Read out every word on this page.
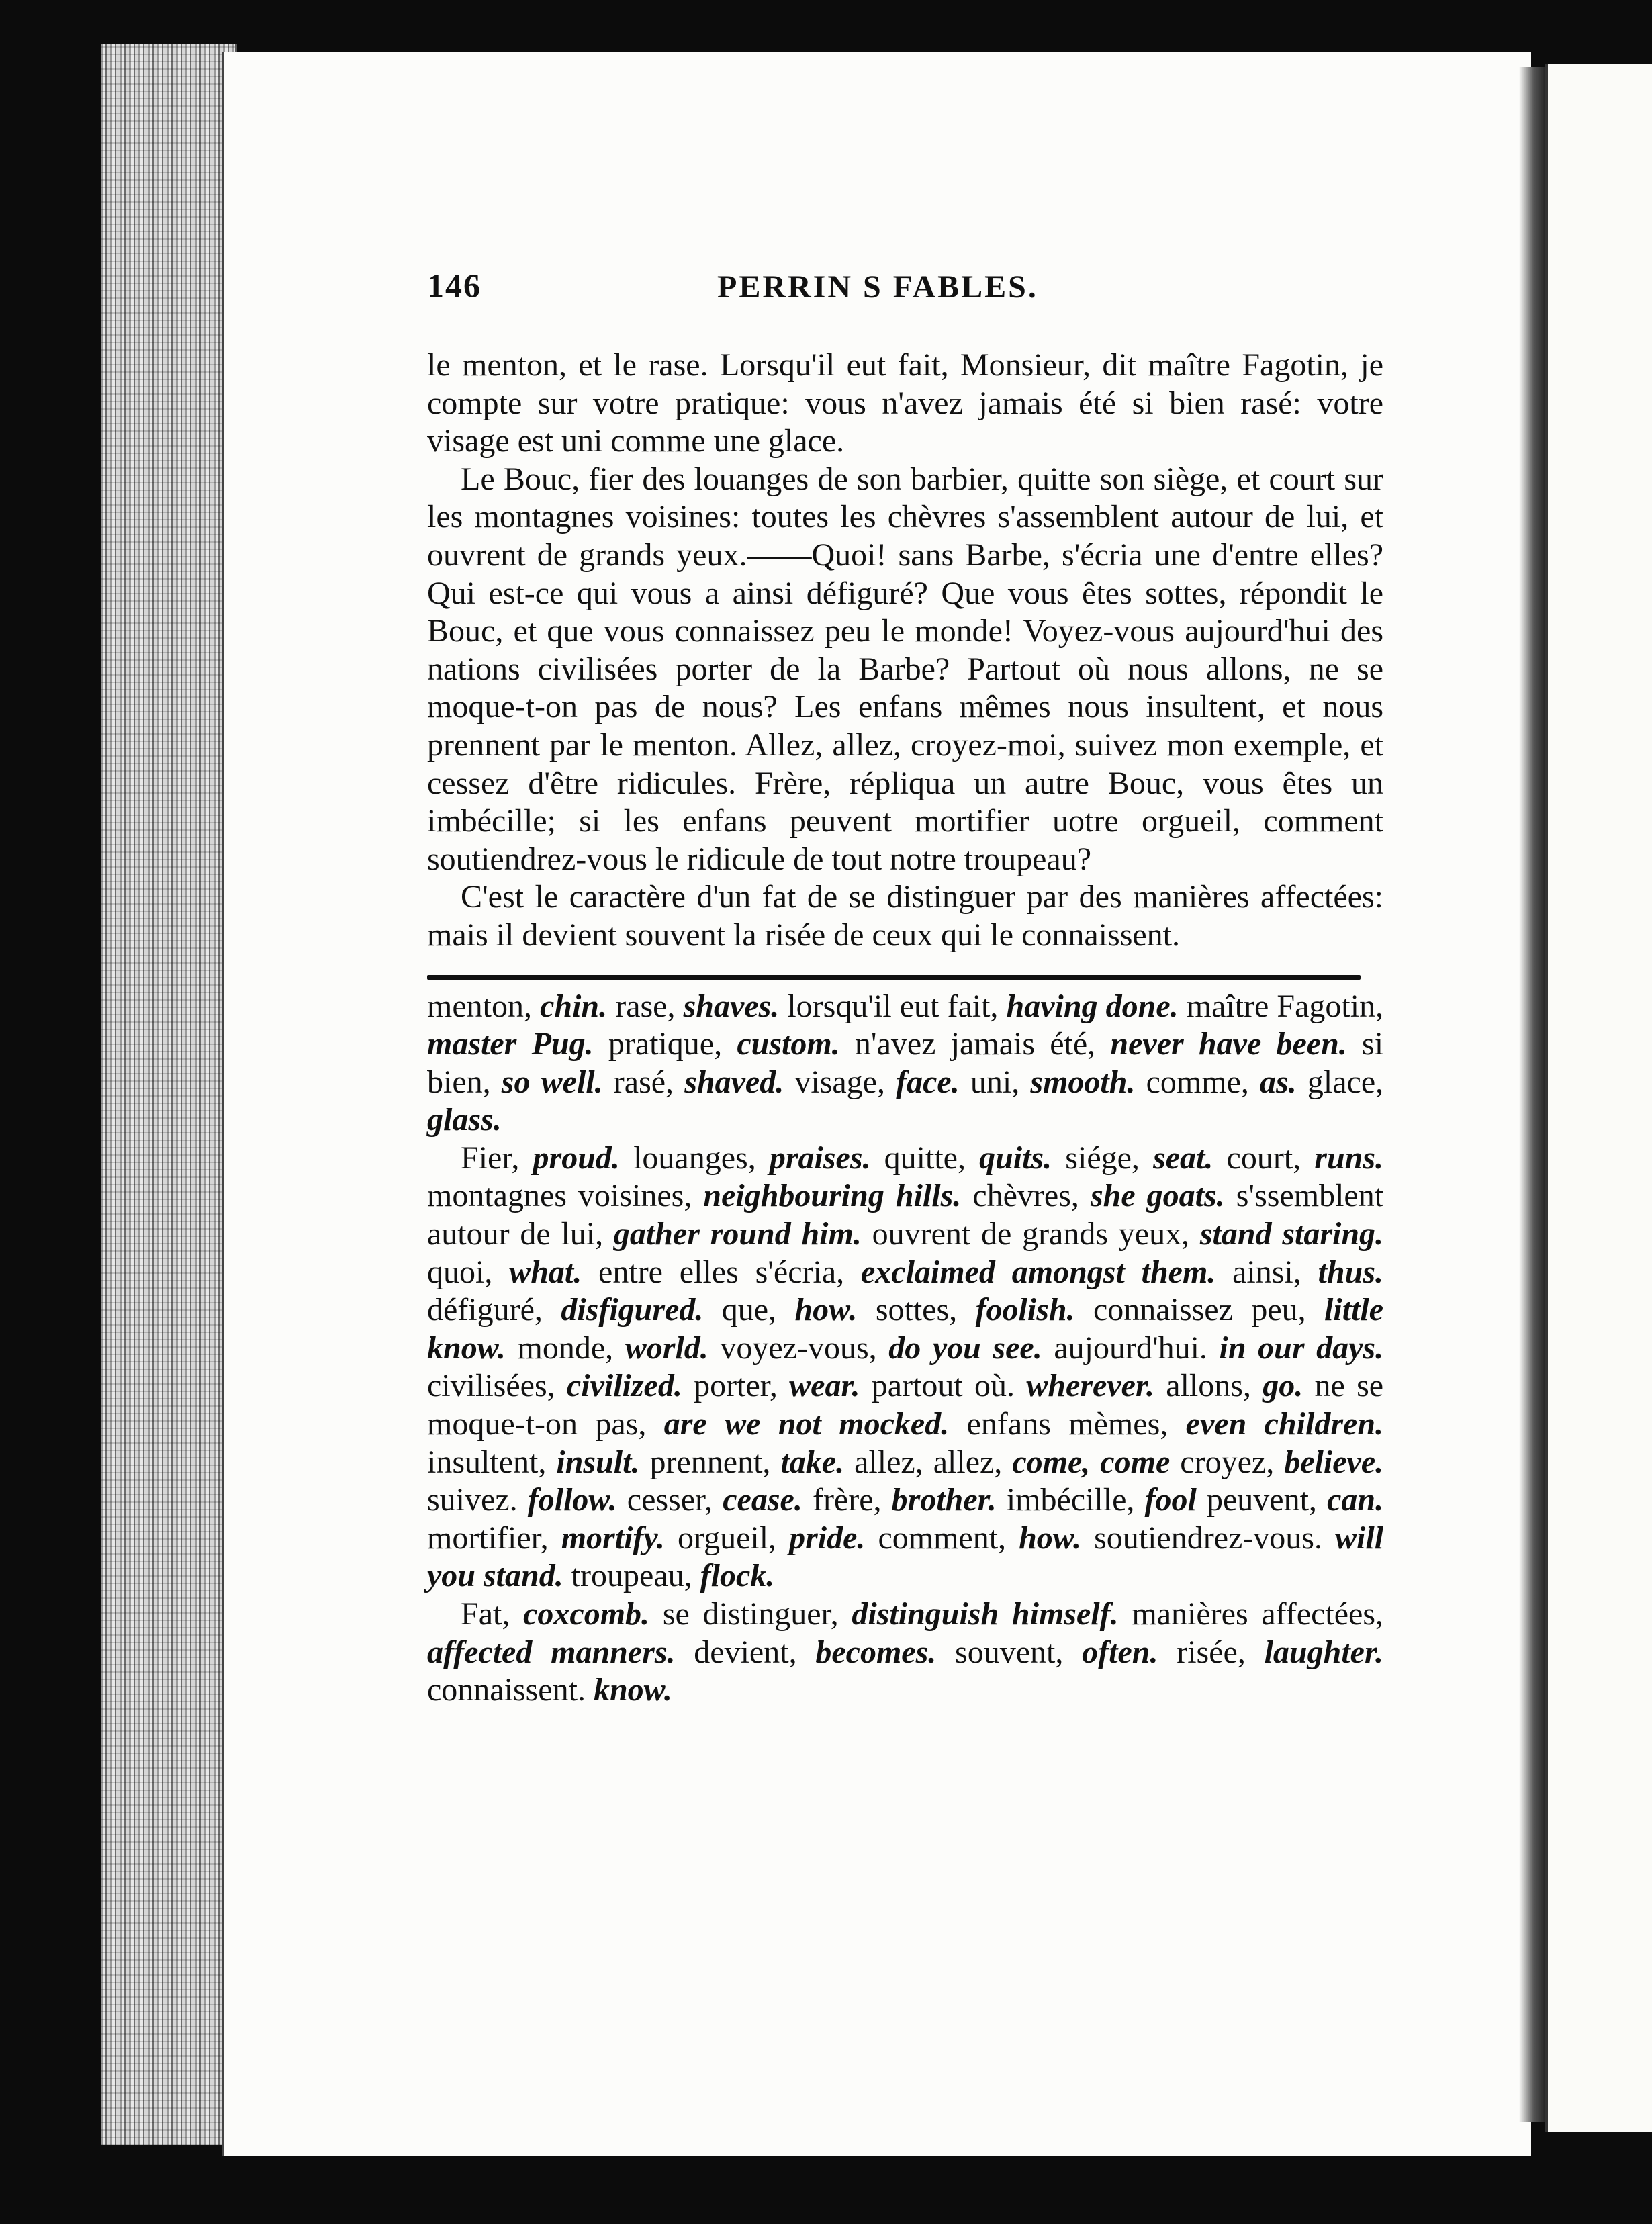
146	PERRIN S FABLES.

le menton, et le rase. Lorsqu'il eut fait, Monsieur, dit maître Fagotin, je compte sur votre pratique: vous n'avez jamais été si bien rasé: votre visage est uni comme une glace.

Le Bouc, fier des louanges de son barbier, quitte son siège, et court sur les montagnes voisines: toutes les chèvres s'assemblent autour de lui, et ouvrent de grands yeux.——Quoi! sans Barbe, s'écria une d'entre elles? Qui est-ce qui vous a ainsi défiguré? Que vous êtes sottes, répondit le Bouc, et que vous connaissez peu le monde! Voyez-vous aujourd'hui des nations civilisées porter de la Barbe? Partout où nous allons, ne se moque-t-on pas de nous? Les enfans mêmes nous insultent, et nous prennent par le menton. Allez, allez, croyez-moi, suivez mon exemple, et cessez d'être ridicules. Frère, répliqua un autre Bouc, vous êtes un imbécille; si les enfans peuvent mortifier uotre orgueil, comment soutiendrez-vous le ridicule de tout notre troupeau?

C'est le caractère d'un fat de se distinguer par des manières affectées: mais il devient souvent la risée de ceux qui le connaissent.

menton, chin. rase, shaves. lorsqu'il eut fait, having done. maître Fagotin, master Pug. pratique, custom. n'avez jamais été, never have been. si bien, so well. rasé, shaved. visage, face. uni, smooth. comme, as. glace, glass.

Fier, proud. louanges, praises. quitte, quits. siége, seat. court, runs. montagnes voisines, neighbouring hills. chèvres, she goats. s'ssemblent autour de lui, gather round him. ouvrent de grands yeux, stand staring. quoi, what. entre elles s'écria, exclaimed amongst them. ainsi, thus. défiguré, disfigured. que, how. sottes, foolish. connaissez peu, little know. monde, world. voyez-vous, do you see. aujourd'hui. in our days. civilisées, civilized. porter, wear. partout où. wherever. allons, go. ne se moque-t-on pas, are we not mocked. enfans mèmes, even children. insultent, insult. prennent, take. allez, allez, come, come croyez, believe. suivez. follow. cesser, cease. frère, brother. imbécille, fool peuvent, can. mortifier, mortify. orgueil, pride. comment, how. soutiendrez-vous. will you stand. troupeau, flock.

Fat, coxcomb. se distinguer, distinguish himself. manières affectées, affected manners. devient, becomes. souvent, often. risée, laughter. connaissent. know.
